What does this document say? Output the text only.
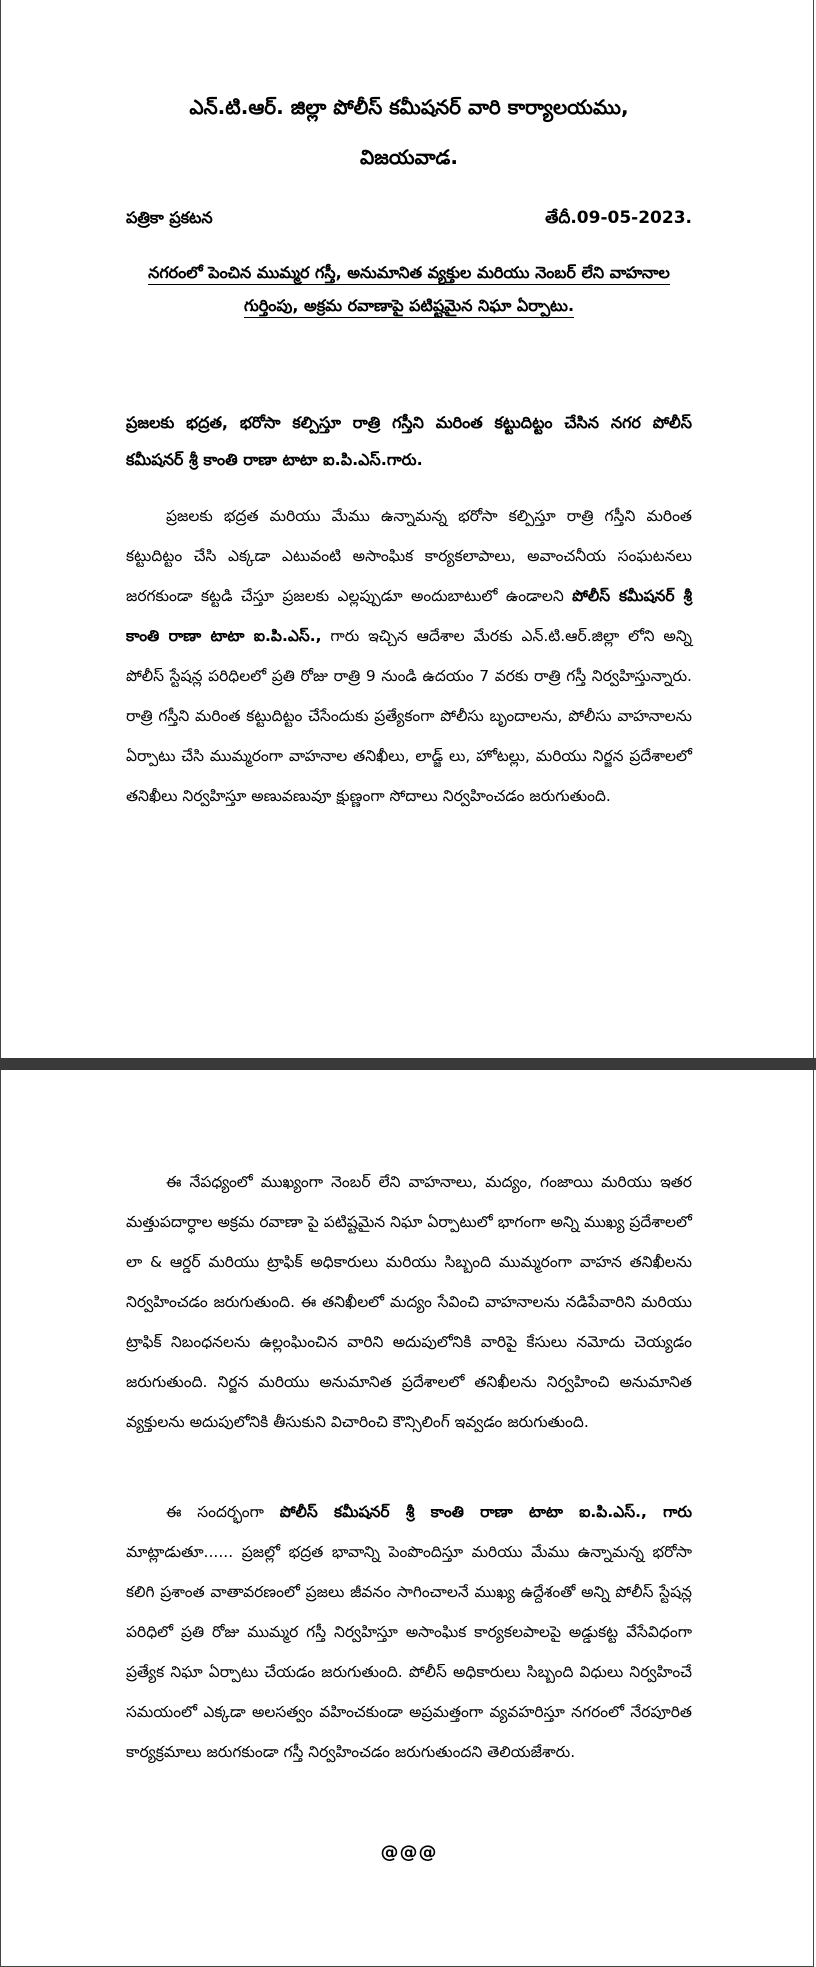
ఎన్.టి.ఆర్. జిల్లా పోలీస్ కమీషనర్ వారి కార్యాలయము,
విజయవాడ.
పత్రికా ప్రకటన	తేదీ.09-05-2023.
నగరంలో పెంచిన ముమ్మర గస్తీ, అనుమానిత వ్యక్తుల మరియు నెంబర్ లేని వాహనాల
గుర్తింపు, అక్రమ రవాణాపై పటిష్టమైన నిఘా ఏర్పాటు.
ప్రజలకు భద్రత, భరోసా కల్పిస్తూ రాత్రి గస్తీని మరింత కట్టుదిట్టం చేసిన నగర పోలీస్ కమీషనర్ శ్రీ కాంతి రాణా టాటా ఐ.పి.ఎస్.గారు.

ప్రజలకు భద్రత మరియు మేము ఉన్నామన్న భరోసా కల్పిస్తూ రాత్రి గస్తీని మరింత కట్టుదిట్టం చేసి ఎక్కడా ఎటువంటి అసాంఘిక కార్యకలాపాలు, అవాంచనీయ సంఘటనలు జరగకుండా కట్టడి చేస్తూ ప్రజలకు ఎల్లప్పుడూ అందుబాటులో ఉండాలని పోలీస్ కమీషనర్ శ్రీ కాంతి రాణా టాటా ఐ.పి.ఎస్., గారు ఇచ్చిన ఆదేశాల మేరకు ఎన్.టి.ఆర్.జిల్లా లోని అన్ని పోలీస్ స్టేషన్ల పరిధిలలో ప్రతి రోజు రాత్రి 9 నుండి ఉదయం 7 వరకు రాత్రి గస్తీ నిర్వహిస్తున్నారు. రాత్రి గస్తీని మరింత కట్టుదిట్టం చేసేందుకు ప్రత్యేకంగా పోలీసు బృందాలను, పోలీసు వాహనాలను ఏర్పాటు చేసి ముమ్మరంగా వాహనాల తనిఖీలు, లాడ్జ్ లు, హోటల్లు, మరియు నిర్జన ప్రదేశాలలో తనిఖీలు నిర్వహిస్తూ అణువణువూ క్షుణ్ణంగా సోదాలు నిర్వహించడం జరుగుతుంది.

ఈ నేపధ్యంలో ముఖ్యంగా నెంబర్ లేని వాహనాలు, మద్యం, గంజాయి మరియు ఇతర మత్తుపదార్ధాల అక్రమ రవాణా పై పటిష్టమైన నిఘా ఏర్పాటులో భాగంగా అన్ని ముఖ్య ప్రదేశాలలో లా & ఆర్డర్ మరియు ట్రాఫిక్ అధికారులు మరియు సిబ్బంది ముమ్మరంగా వాహన తనిఖీలను నిర్వహించడం జరుగుతుంది. ఈ తనిఖీలలో మద్యం సేవించి వాహనాలను నడిపేవారిని మరియు ట్రాఫిక్ నిబంధనలను ఉల్లంఘించిన వారిని అదుపులోనికి వారిపై కేసులు నమోదు చెయ్యడం జరుగుతుంది. నిర్జన మరియు అనుమానిత ప్రదేశాలలో తనిఖీలను నిర్వహించి అనుమానిత వ్యక్తులను అదుపులోనికి తీసుకుని విచారించి కౌన్సిలింగ్ ఇవ్వడం జరుగుతుంది.

ఈ సందర్భంగా పోలీస్ కమీషనర్ శ్రీ కాంతి రాణా టాటా ఐ.పి.ఎస్., గారు మాట్లాడుతూ...... ప్రజల్లో భద్రత భావాన్ని పెంపొందిస్తూ మరియు మేము ఉన్నామన్న భరోసా కలిగి ప్రశాంత వాతావరణంలో ప్రజలు జీవనం సాగించాలనే ముఖ్య ఉద్దేశంతో అన్ని పోలీస్ స్టేషన్ల పరిధిలో ప్రతి రోజు ముమ్మర గస్తీ నిర్వహిస్తూ అసాంఘిక కార్యకలపాలపై అడ్డుకట్ట వేసేవిధంగా ప్రత్యేక నిఘా ఏర్పాటు చేయడం జరుగుతుంది. పోలీస్ అధికారులు సిబ్బంది విధులు నిర్వహించే సమయంలో ఎక్కడా అలసత్వం వహించకుండా అప్రమత్తంగా వ్యవహరిస్తూ నగరంలో నేరపూరిత కార్యక్రమాలు జరుగకుండా గస్తీ నిర్వహించడం జరుగుతుందని తెలియజేశారు.

@@@
